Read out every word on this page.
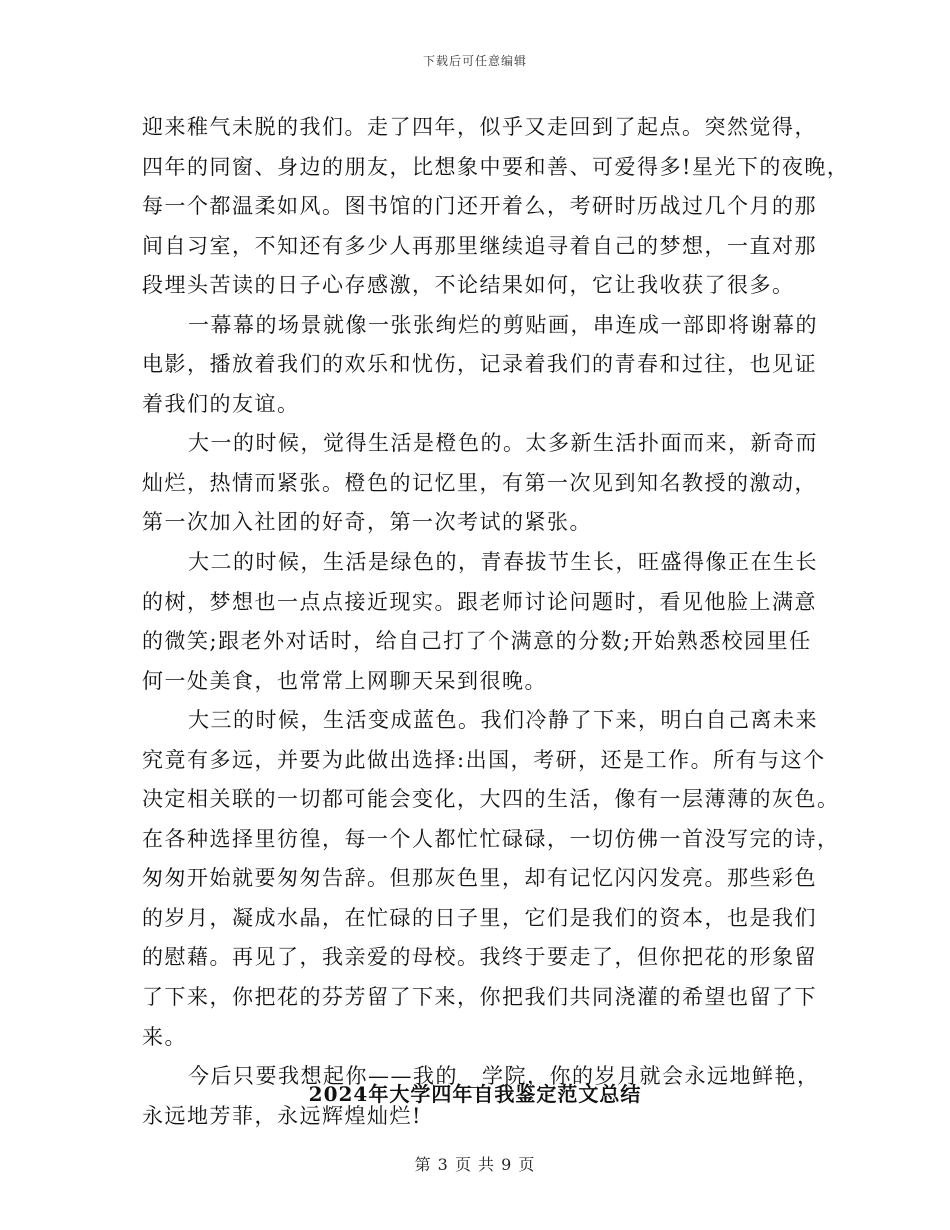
下载后可任意编辑
迎来稚气未脱的我们。走了四年，似乎又走回到了起点。突然觉得，
四年的同窗、身边的朋友，比想象中要和善、可爱得多!星光下的夜晚，
每一个都温柔如风。图书馆的门还开着么，考研时历战过几个月的那
间自习室，不知还有多少人再那里继续追寻着自己的梦想，一直对那
段埋头苦读的日子心存感激，不论结果如何，它让我收获了很多。
一幕幕的场景就像一张张绚烂的剪贴画，串连成一部即将谢幕的
电影，播放着我们的欢乐和忧伤，记录着我们的青春和过往，也见证
着我们的友谊。
大一的时候，觉得生活是橙色的。太多新生活扑面而来，新奇而
灿烂，热情而紧张。橙色的记忆里，有第一次见到知名教授的激动，
第一次加入社团的好奇，第一次考试的紧张。
大二的时候，生活是绿色的，青春拔节生长，旺盛得像正在生长
的树，梦想也一点点接近现实。跟老师讨论问题时，看见他脸上满意
的微笑;跟老外对话时，给自己打了个满意的分数;开始熟悉校园里任
何一处美食，也常常上网聊天呆到很晚。
大三的时候，生活变成蓝色。我们冷静了下来，明白自己离未来
究竟有多远，并要为此做出选择:出国，考研，还是工作。所有与这个
决定相关联的一切都可能会变化，大四的生活，像有一层薄薄的灰色。
在各种选择里彷徨，每一个人都忙忙碌碌，一切仿佛一首没写完的诗，
匆匆开始就要匆匆告辞。但那灰色里，却有记忆闪闪发亮。那些彩色
的岁月，凝成水晶，在忙碌的日子里，它们是我们的资本，也是我们
的慰藉。再见了，我亲爱的母校。我终于要走了，但你把花的形象留
了下来，你把花的芬芳留了下来，你把我们共同浇灌的希望也留了下
来。
今后只要我想起你——我的__学院，你的岁月就会永远地鲜艳，
永远地芳菲，永远辉煌灿烂!
2024年大学四年自我鉴定范文总结
第 3 页 共 9 页
